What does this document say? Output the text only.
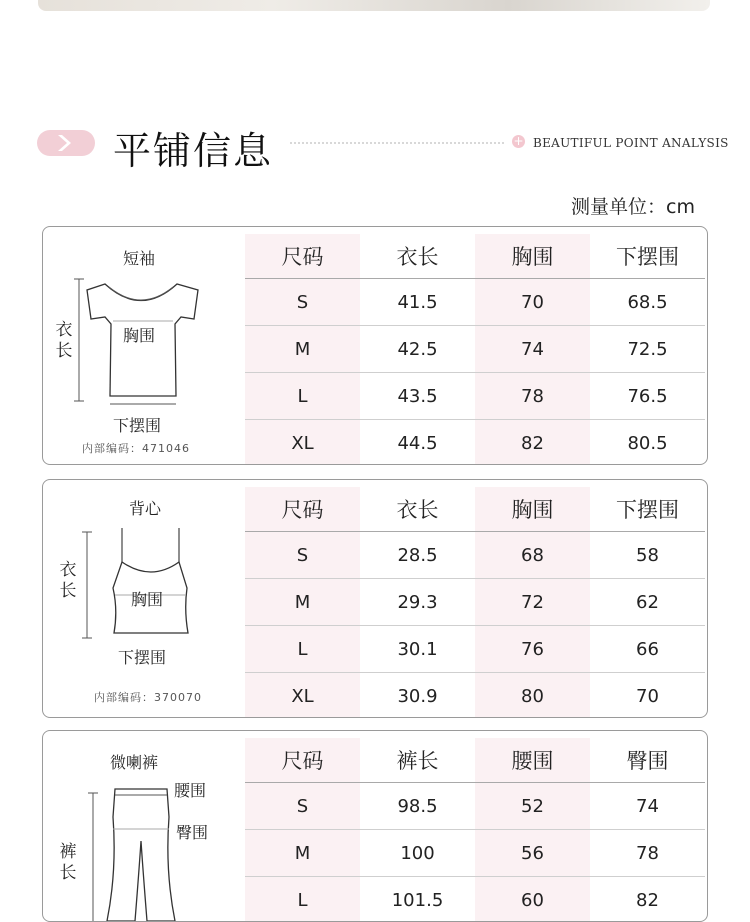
平铺信息	+ BEAUTIFUL POINT ANALYSIS
测量单位：cm
短袖
衣长
胸围
下摆围
内部编码：471046
尺码	衣长	胸围	下摆围
S	41.5	70	68.5
M	42.5	74	72.5
L	43.5	78	76.5
XL	44.5	82	80.5
背心
衣长	胸围
下摆围
内部编码：370070
尺码	衣长	胸围	下摆围
S	28.5	68	58
M	29.3	72	62
L	30.1	76	66
XL	30.9	80	70
微喇裤
腰围
臀围
裤长
尺码	裤长	腰围	臀围
S	98.5	52	74
M	100	56	78
L	101.5	60	82
